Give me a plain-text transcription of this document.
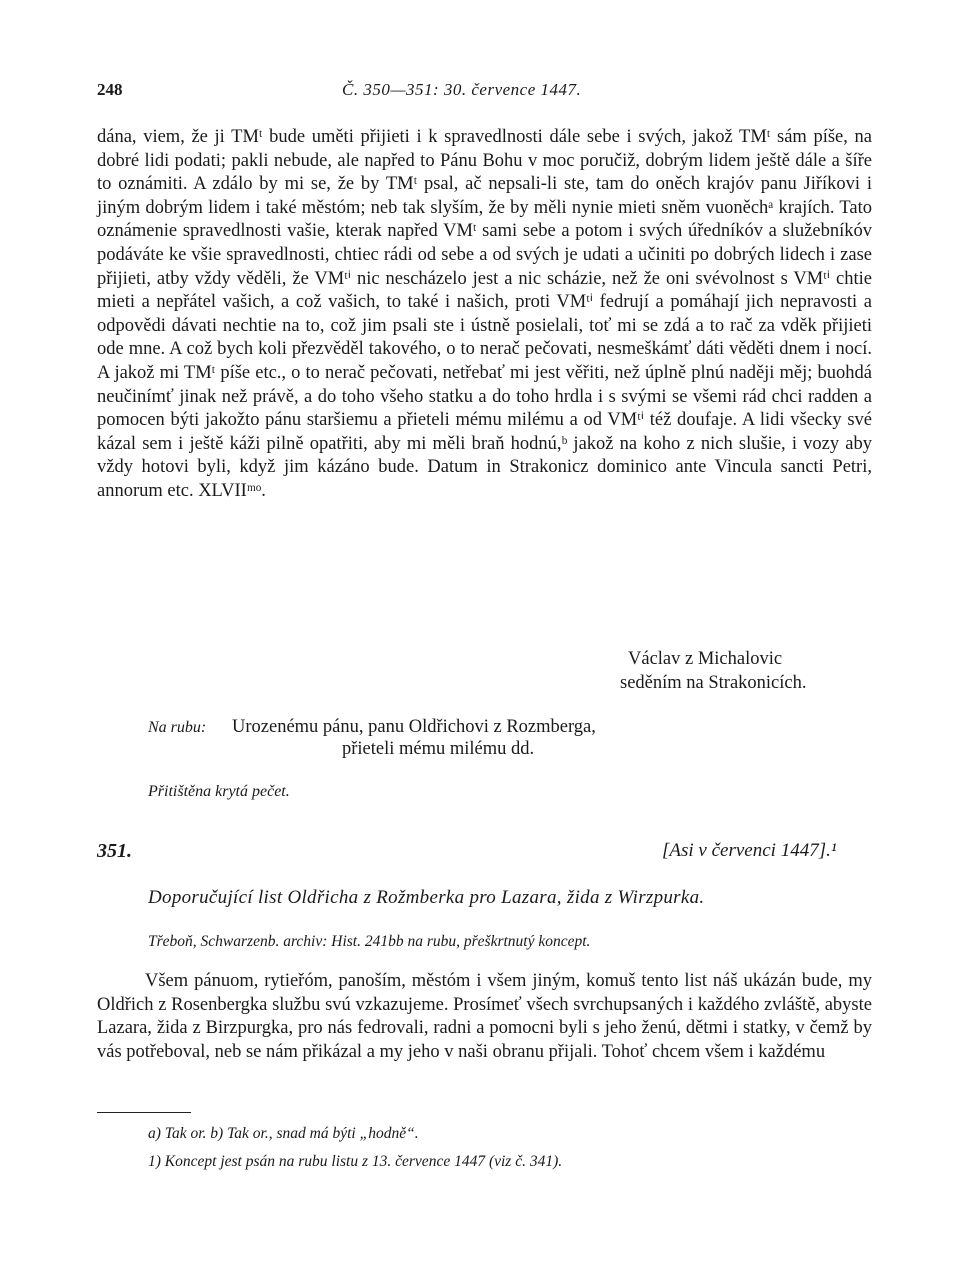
248	Č. 350—351: 30. července 1447.

dána, viem, že ji TMᵗ bude uměti přijieti i k spravedlnosti dále sebe i svých, jakož TMᵗ sám píše, na dobré lidi podati; pakli nebude, ale napřed to Pánu Bohu v moc poručiž, dobrým lidem ještě dále a šíře to oznámiti. A zdálo by mi se, že by TMᵗ psal, ač nepsali-li ste, tam do oněch krajóv panu Jiříkovi i jiným dobrým lidem i také městóm; neb tak slyším, že by měli nynie mieti sněm vuoněchᵃ krajích. Tato oznámenie spravedlnosti vašie, kterak napřed VMᵗ sami sebe a potom i svých úředníkóv a služebníkóv podáváte ke všie spravedlnosti, chtiec rádi od sebe a od svých je udati a učiniti po dobrých lidech i zase přijieti, atby vždy věděli, že VMᵗⁱ nic nescházelo jest a nic scházie, než že oni svévolnost s VMᵗⁱ chtie mieti a nepřátel vašich, a což vašich, to také i našich, proti VMᵗⁱ fedrují a pomáhají jich nepravosti a odpovědi dávati nechtie na to, což jim psali ste i ústně posielali, toť mi se zdá a to rač za vděk přijieti ode mne. A což bych koli přezvěděl takového, o to nerač pečovati, nesmeškámť dáti věděti dnem i nocí. A jakož mi TMᵗ píše etc., o to nerač pečovati, netřebať mi jest věřiti, než úplně plnú naději měj; buohdá neučinímť jinak než právě, a do toho všeho statku a do toho hrdla i s svými se všemi rád chci radden a pomocen býti jakožto pánu staršiemu a přieteli mému milému a od VMᵗⁱ též doufaje. A lidi všecky své kázal sem i ještě káži pilně opatřiti, aby mi měli braň hodnú,ᵇ jakož na koho z nich slušie, i vozy aby vždy hotovi byli, když jim kázáno bude. Datum in Strakonicz dominico ante Vincula sancti Petri, annorum etc. XLVIIᵐᵒ.

Václav z Michalovic
seděním na Strakonicích.
Na rubu: Urozenému pánu, panu Oldřichovi z Rozmberga,
přieteli mému milému dd.
Přitištěna krytá pečet.
351.	[Asi v červenci 1447].¹
Doporučující list Oldřicha z Rožmberka pro Lazara, žida z Wirzpurka.
Třeboň, Schwarzenb. archiv: Hist. 241bb na rubu, přeškrtnutý koncept.
Všem pánuom, rytieřóm, panoším, městóm i všem jiným, komuš tento list náš ukázán bude, my Oldřich z Rosenbergka službu svú vzkazujeme. Prosímeť všech svrchupsaných i každého zvláště, abyste Lazara, žida z Birzpurgka, pro nás fedrovali, radni a pomocni byli s jeho ženú, dětmi i statky, v čemž by vás potřeboval, neb se nám přikázal a my jeho v naši obranu přijali. Tohoť chcem všem i každému
a) Tak or. b) Tak or., snad má býti „hodně“.
1) Koncept jest psán na rubu listu z 13. července 1447 (viz č. 341).
